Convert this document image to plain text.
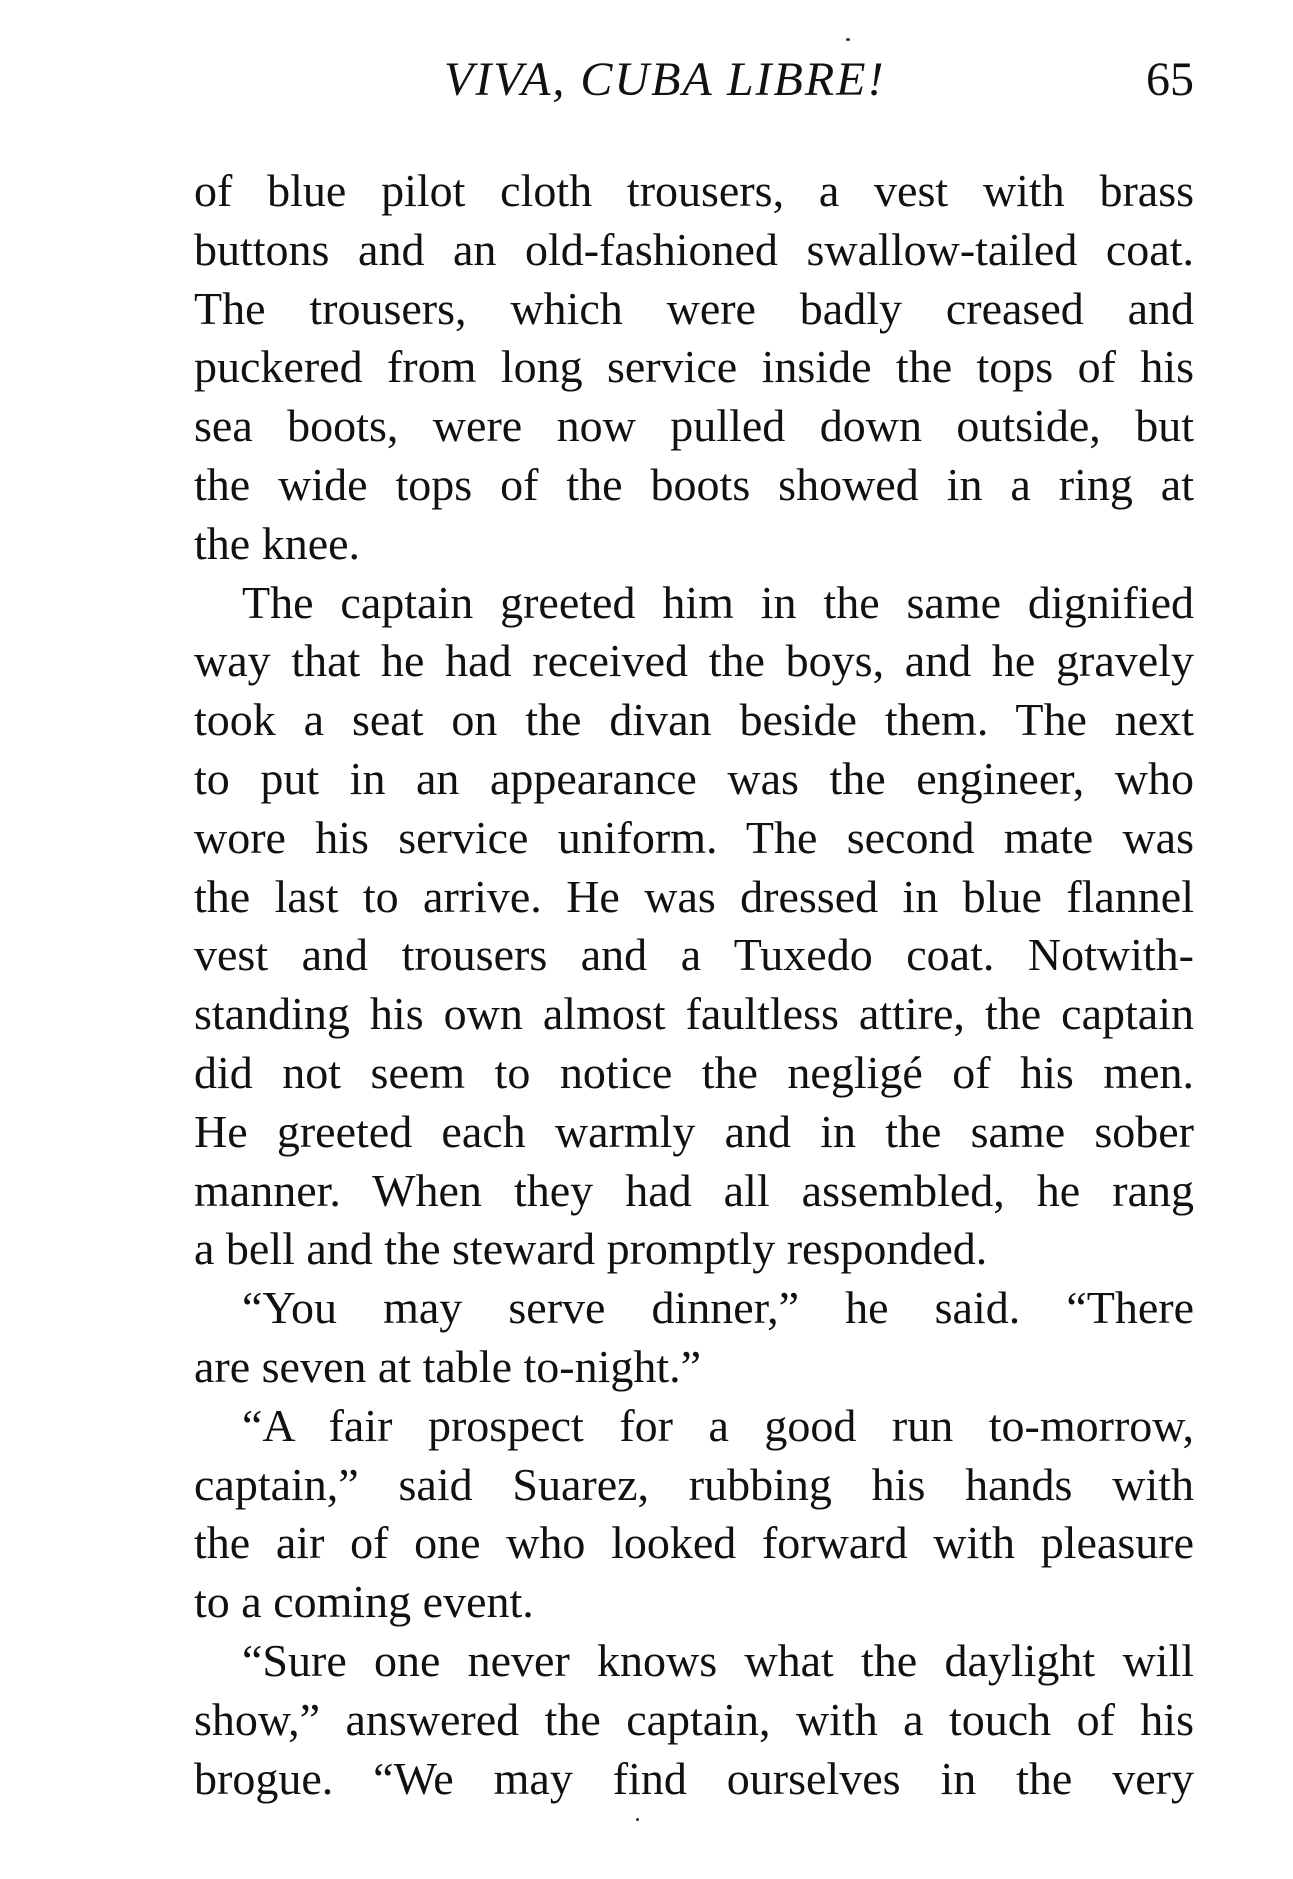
VIVA, CUBA LIBRE!	65
of blue pilot cloth trousers, a vest with brass
buttons and an old-fashioned swallow-tailed coat.
The trousers, which were badly creased and
puckered from long service inside the tops of his
sea boots, were now pulled down outside, but
the wide tops of the boots showed in a ring at
the knee.
The captain greeted him in the same dignified
way that he had received the boys, and he gravely
took a seat on the divan beside them. The next
to put in an appearance was the engineer, who
wore his service uniform. The second mate was
the last to arrive. He was dressed in blue flannel
vest and trousers and a Tuxedo coat. Notwith-
standing his own almost faultless attire, the captain
did not seem to notice the negligé of his men.
He greeted each warmly and in the same sober
manner. When they had all assembled, he rang
a bell and the steward promptly responded.
“You may serve dinner,” he said. “There
are seven at table to-night.”
“A fair prospect for a good run to-morrow,
captain,” said Suarez, rubbing his hands with
the air of one who looked forward with pleasure
to a coming event.
“Sure one never knows what the daylight will
show,” answered the captain, with a touch of his
brogue. “We may find ourselves in the very
